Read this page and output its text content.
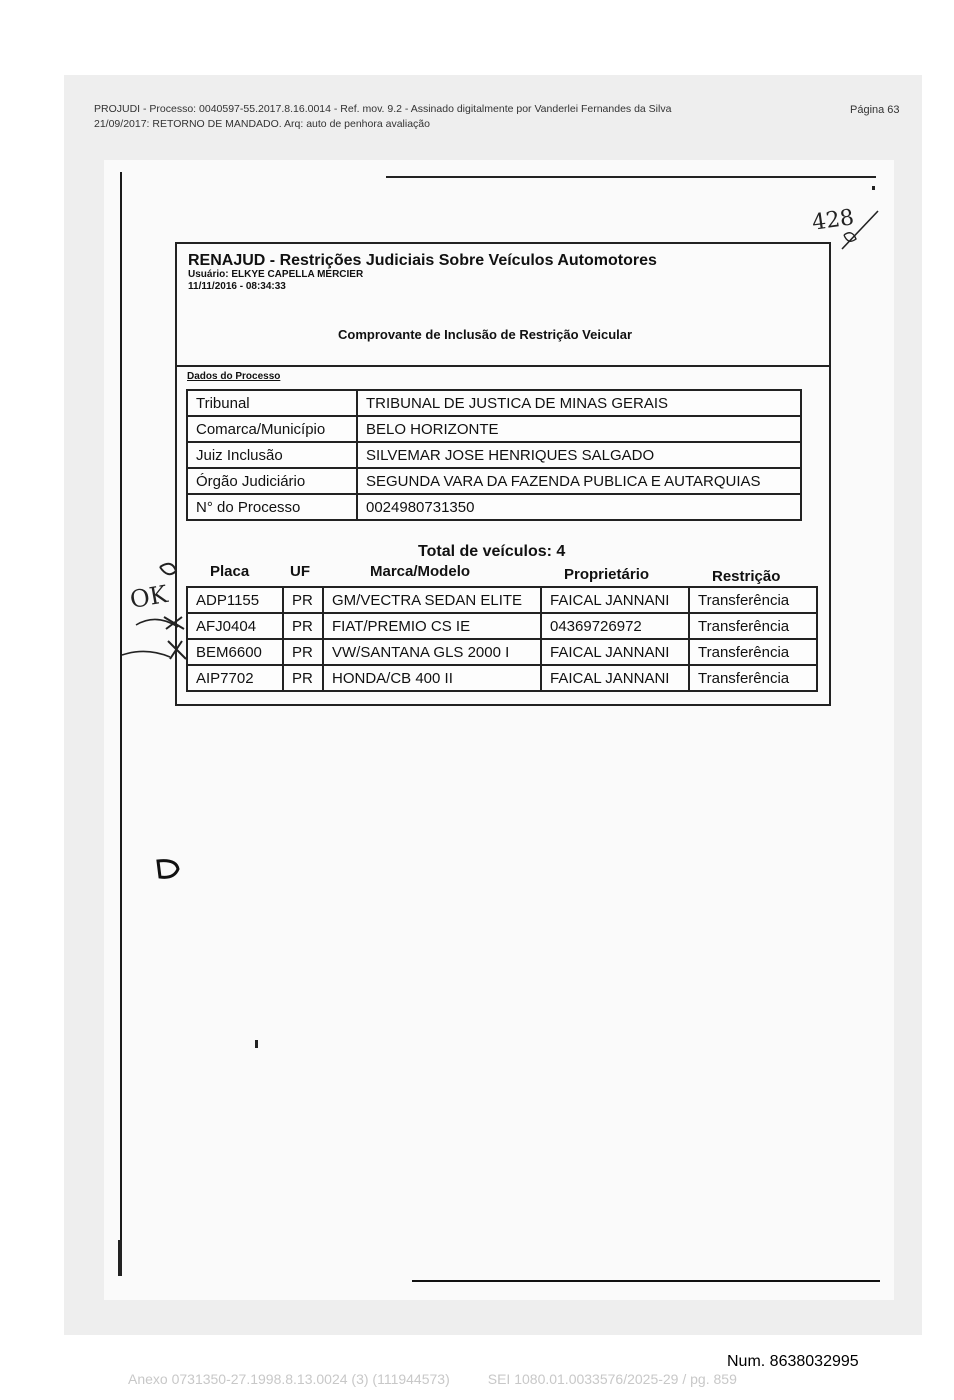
PROJUDI - Processo: 0040597-55.2017.8.16.0014 - Ref. mov. 9.2 - Assinado digitalmente por Vanderlei Fernandes da Silva
21/09/2017: RETORNO DE MANDADO. Arq: auto de penhora avaliação
Página 63
RENAJUD - Restrições Judiciais Sobre Veículos Automotores
Usuário: ELKYE CAPELLA MERCIER
11/11/2016 - 08:34:33
Comprovante de Inclusão de Restrição Veicular
Dados do Processo
Tribunal	TRIBUNAL DE JUSTICA DE MINAS GERAIS
Comarca/Município	BELO HORIZONTE
Juiz Inclusão	SILVEMAR JOSE HENRIQUES SALGADO
Órgão Judiciário	SEGUNDA VARA DA FAZENDA PUBLICA E AUTARQUIAS
N° do Processo	0024980731350
Total de veículos: 4
Placa	UF	Marca/Modelo	Proprietário	Restrição
ADP1155	PR	GM/VECTRA SEDAN ELITE	FAICAL JANNANI	Transferência
AFJ0404	PR	FIAT/PREMIO CS IE	04369726972	Transferência
BEM6600	PR	VW/SANTANA GLS 2000 I	FAICAL JANNANI	Transferência
AIP7702	PR	HONDA/CB 400 II	FAICAL JANNANI	Transferência
428
OK
Num. 8638032995
Anexo 0731350-27.1998.8.13.0024 (3) (111944573)	SEI 1080.01.0033576/2025-29 / pg. 859
